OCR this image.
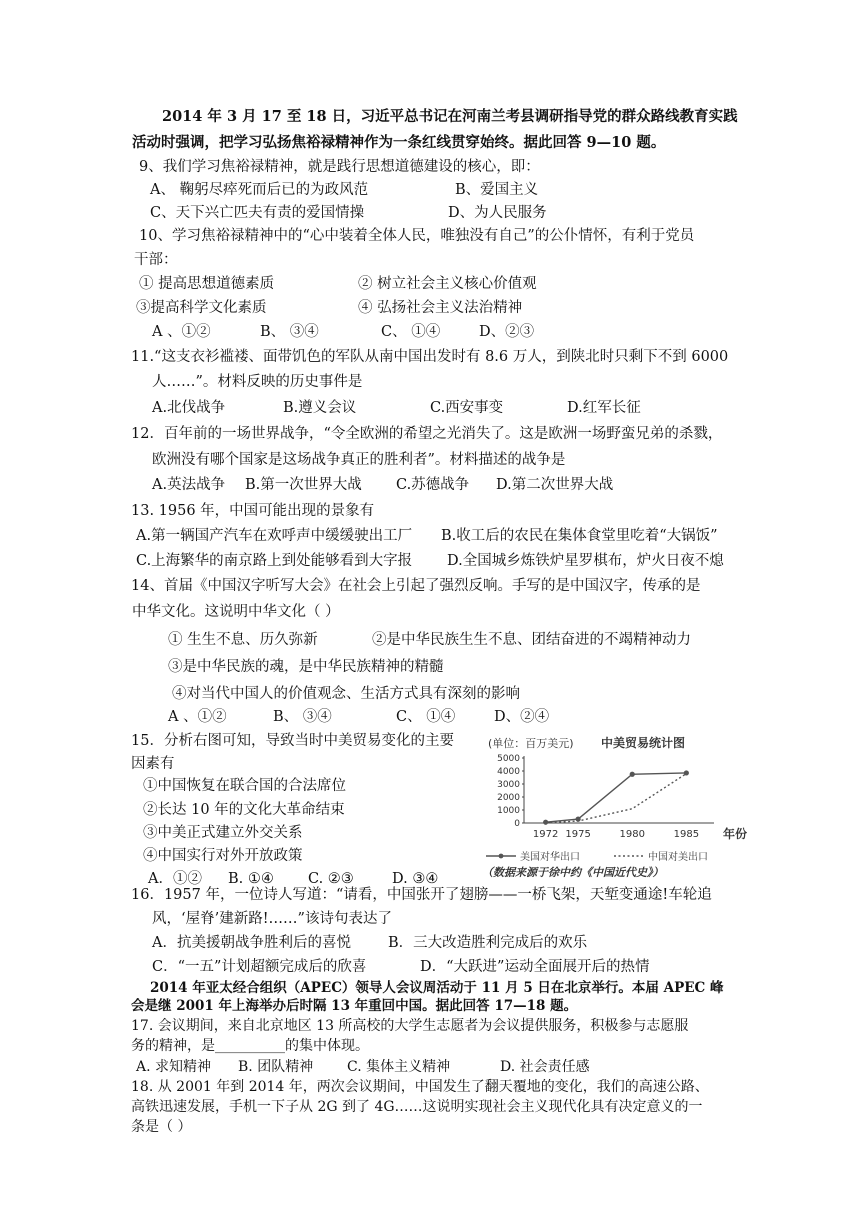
2014 年 3 月 17 至 18 日，习近平总书记在河南兰考县调研指导党的群众路线教育实践
活动时强调，把学习弘扬焦裕禄精神作为一条红线贯穿始终。据此回答 9—10 题。
9、我们学习焦裕禄精神，就是践行思想道德建设的核心，即：
A、 鞠躬尽瘁死而后已的为政风范	B、爱国主义
C、天下兴亡匹夫有责的爱国情操	D、为人民服务
10、学习焦裕禄精神中的“心中装着全体人民，唯独没有自己”的公仆情怀，有利于党员
干部：
① 提高思想道德素质	② 树立社会主义核心价值观
③提高科学文化素质	④ 弘扬社会主义法治精神
A 、①②	B、 ③④	C、 ①④	D、②③
11.“这支衣衫褴褛、面带饥色的军队从南中国出发时有 8.6 万人，到陕北时只剩下不到 6000
人……”。材料反映的历史事件是
A.北伐战争	B.遵义会议	C.西安事变	D.红军长征
12．百年前的一场世界战争，“令全欧洲的希望之光消失了。这是欧洲一场野蛮兄弟的杀戮，
欧洲没有哪个国家是这场战争真正的胜利者”。材料描述的战争是
A.英法战争 B.第一次世界大战 C.苏德战争 D.第二次世界大战
13. 1956 年，中国可能出现的景象有
A.第一辆国产汽车在欢呼声中缓缓驶出工厂 B.收工后的农民在集体食堂里吃着“大锅饭”
C.上海繁华的南京路上到处能够看到大字报 D.全国城乡炼铁炉星罗棋布，炉火日夜不熄
14、首届《中国汉字听写大会》在社会上引起了强烈反响。手写的是中国汉字，传承的是
中华文化。这说明中华文化（ ）
① 生生不息、历久弥新	②是中华民族生生不息、团结奋进的不竭精神动力
③是中华民族的魂，是中华民族精神的精髓
④对当代中国人的价值观念、生活方式具有深刻的影响
A 、①②	B、 ③④	C、 ①④	D、②④
15．分析右图可知，导致当时中美贸易变化的主要
因素有
①中国恢复在联合国的合法席位
②长达 10 年的文化大革命结束
③中美正式建立外交关系
④中国实行对外开放政策
A．①② B. ①④ C. ②③	D. ③④
(单位：百万美元) 中美贸易统计图
0
1000
2000
3000
4000
5000
1972 1975	1980	1985 年份
美国对华出口	中国对美出口
（数据来源于徐中约《中国近代史》）
16．1957 年，一位诗人写道：“请看，中国张开了翅膀——一桥飞架，天堑变通途!车轮追
风，‘屋脊’建新路!……”该诗句表达了
A．抗美援朝战争胜利后的喜悦	B．三大改造胜利完成后的欢乐
C．“一五”计划超额完成后的欣喜	D．“大跃进”运动全面展开后的热情
2014 年亚太经合组织（APEC）领导人会议周活动于 11 月 5 日在北京举行。本届 APEC 峰
会是继 2001 年上海举办后时隔 13 年重回中国。据此回答 17—18 题。
17. 会议期间，来自北京地区 13 所高校的大学生志愿者为会议提供服务，积极参与志愿服
务的精神，是__________的集中体现。
A. 求知精神 B. 团队精神 C. 集体主义精神	D. 社会责任感
18. 从 2001 年到 2014 年，两次会议期间，中国发生了翻天覆地的变化，我们的高速公路、
高铁迅速发展，手机一下子从 2G 到了 4G……这说明实现社会主义现代化具有决定意义的一
条是（ ）
